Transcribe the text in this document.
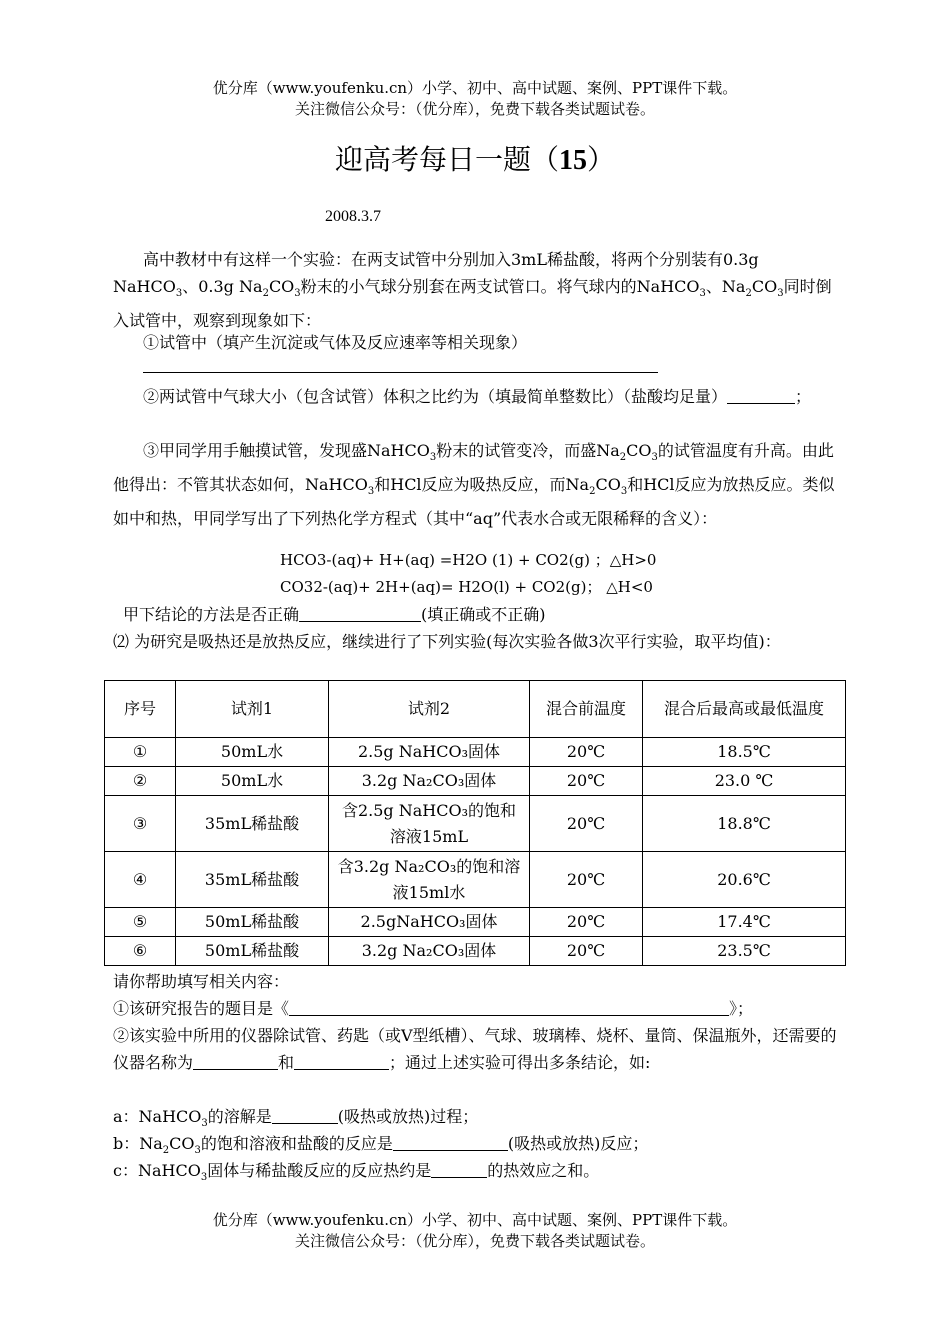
优分库（www.youfenku.cn）小学、初中、高中试题、案例、PPT课件下载。
关注微信公众号：（优分库），免费下载各类试题试卷。
迎高考每日一题（15）
2008.3.7
高中教材中有这样一个实验：在两支试管中分别加入3mL稀盐酸，将两个分别装有0.3g NaHCO$_3$、0.3g $Na_2CO_3$粉末的小气球分别套在两支试管口。将气球内的NaHCO$_3$、$Na_2CO_3$同时倒入试管中，观察到现象如下：
①试管中（填产生沉淀或气体及反应速率等相关现象）
②两试管中气球大小（包含试管）体积之比约为（填最简单整数比）（盐酸均足量）	；
③甲同学用手触摸试管，发现盛NaHCO$_3$粉末的试管变冷，而盛$Na_2CO_3$的试管温度有升高。由此他得出：不管其状态如何，NaHCO$_3$和HCl反应为吸热反应，而$Na_2CO_3$和HCl反应为放热反应。类似如中和热，甲同学写出了下列热化学方程式（其中“aq”代表水合或无限稀释的含义）：
HCO3-(aq)+ H+(aq) =H2O (1) + CO2(g) ；△H>0
CO32-(aq)+ 2H+(aq)= H2O(l) + CO2(g)； △H<0
甲下结论的方法是否正确	(填正确或不正确)
⑵ 为研究是吸热还是放热反应，继续进行了下列实验(每次实验各做3次平行实验，取平均值)：
序号	试剂1	试剂2	混合前温度	混合后最高或最低温度
①	50mL水	2.5g NaHCO₃固体	20℃	18.5℃
②	50mL水	3.2g Na₂CO₃固体	20℃	23.0 ℃
③	35mL稀盐酸	含2.5g NaHCO₃的饱和溶液15mL	20℃	18.8℃
④	35mL稀盐酸	含3.2g Na₂CO₃的饱和溶液15ml水	20℃	20.6℃
⑤	50mL稀盐酸	2.5gNaHCO₃固体	20℃	17.4℃
⑥	50mL稀盐酸	3.2g Na₂CO₃固体	20℃	23.5℃
请你帮助填写相关内容：
①该研究报告的题目是《	》；
②该实验中所用的仪器除试管、药匙（或V型纸槽）、气球、玻璃棒、烧杯、量筒、保温瓶外，还需要的仪器名称为	和	；通过上述实验可得出多条结论，如:
a：NaHCO$_3$的溶解是	(吸热或放热)过程；
b：$Na_2CO_3$的饱和溶液和盐酸的反应是	(吸热或放热)反应；
c：NaHCO$_3$固体与稀盐酸反应的反应热约是	的热效应之和。
优分库（www.youfenku.cn）小学、初中、高中试题、案例、PPT课件下载。
关注微信公众号：（优分库），免费下载各类试题试卷。
